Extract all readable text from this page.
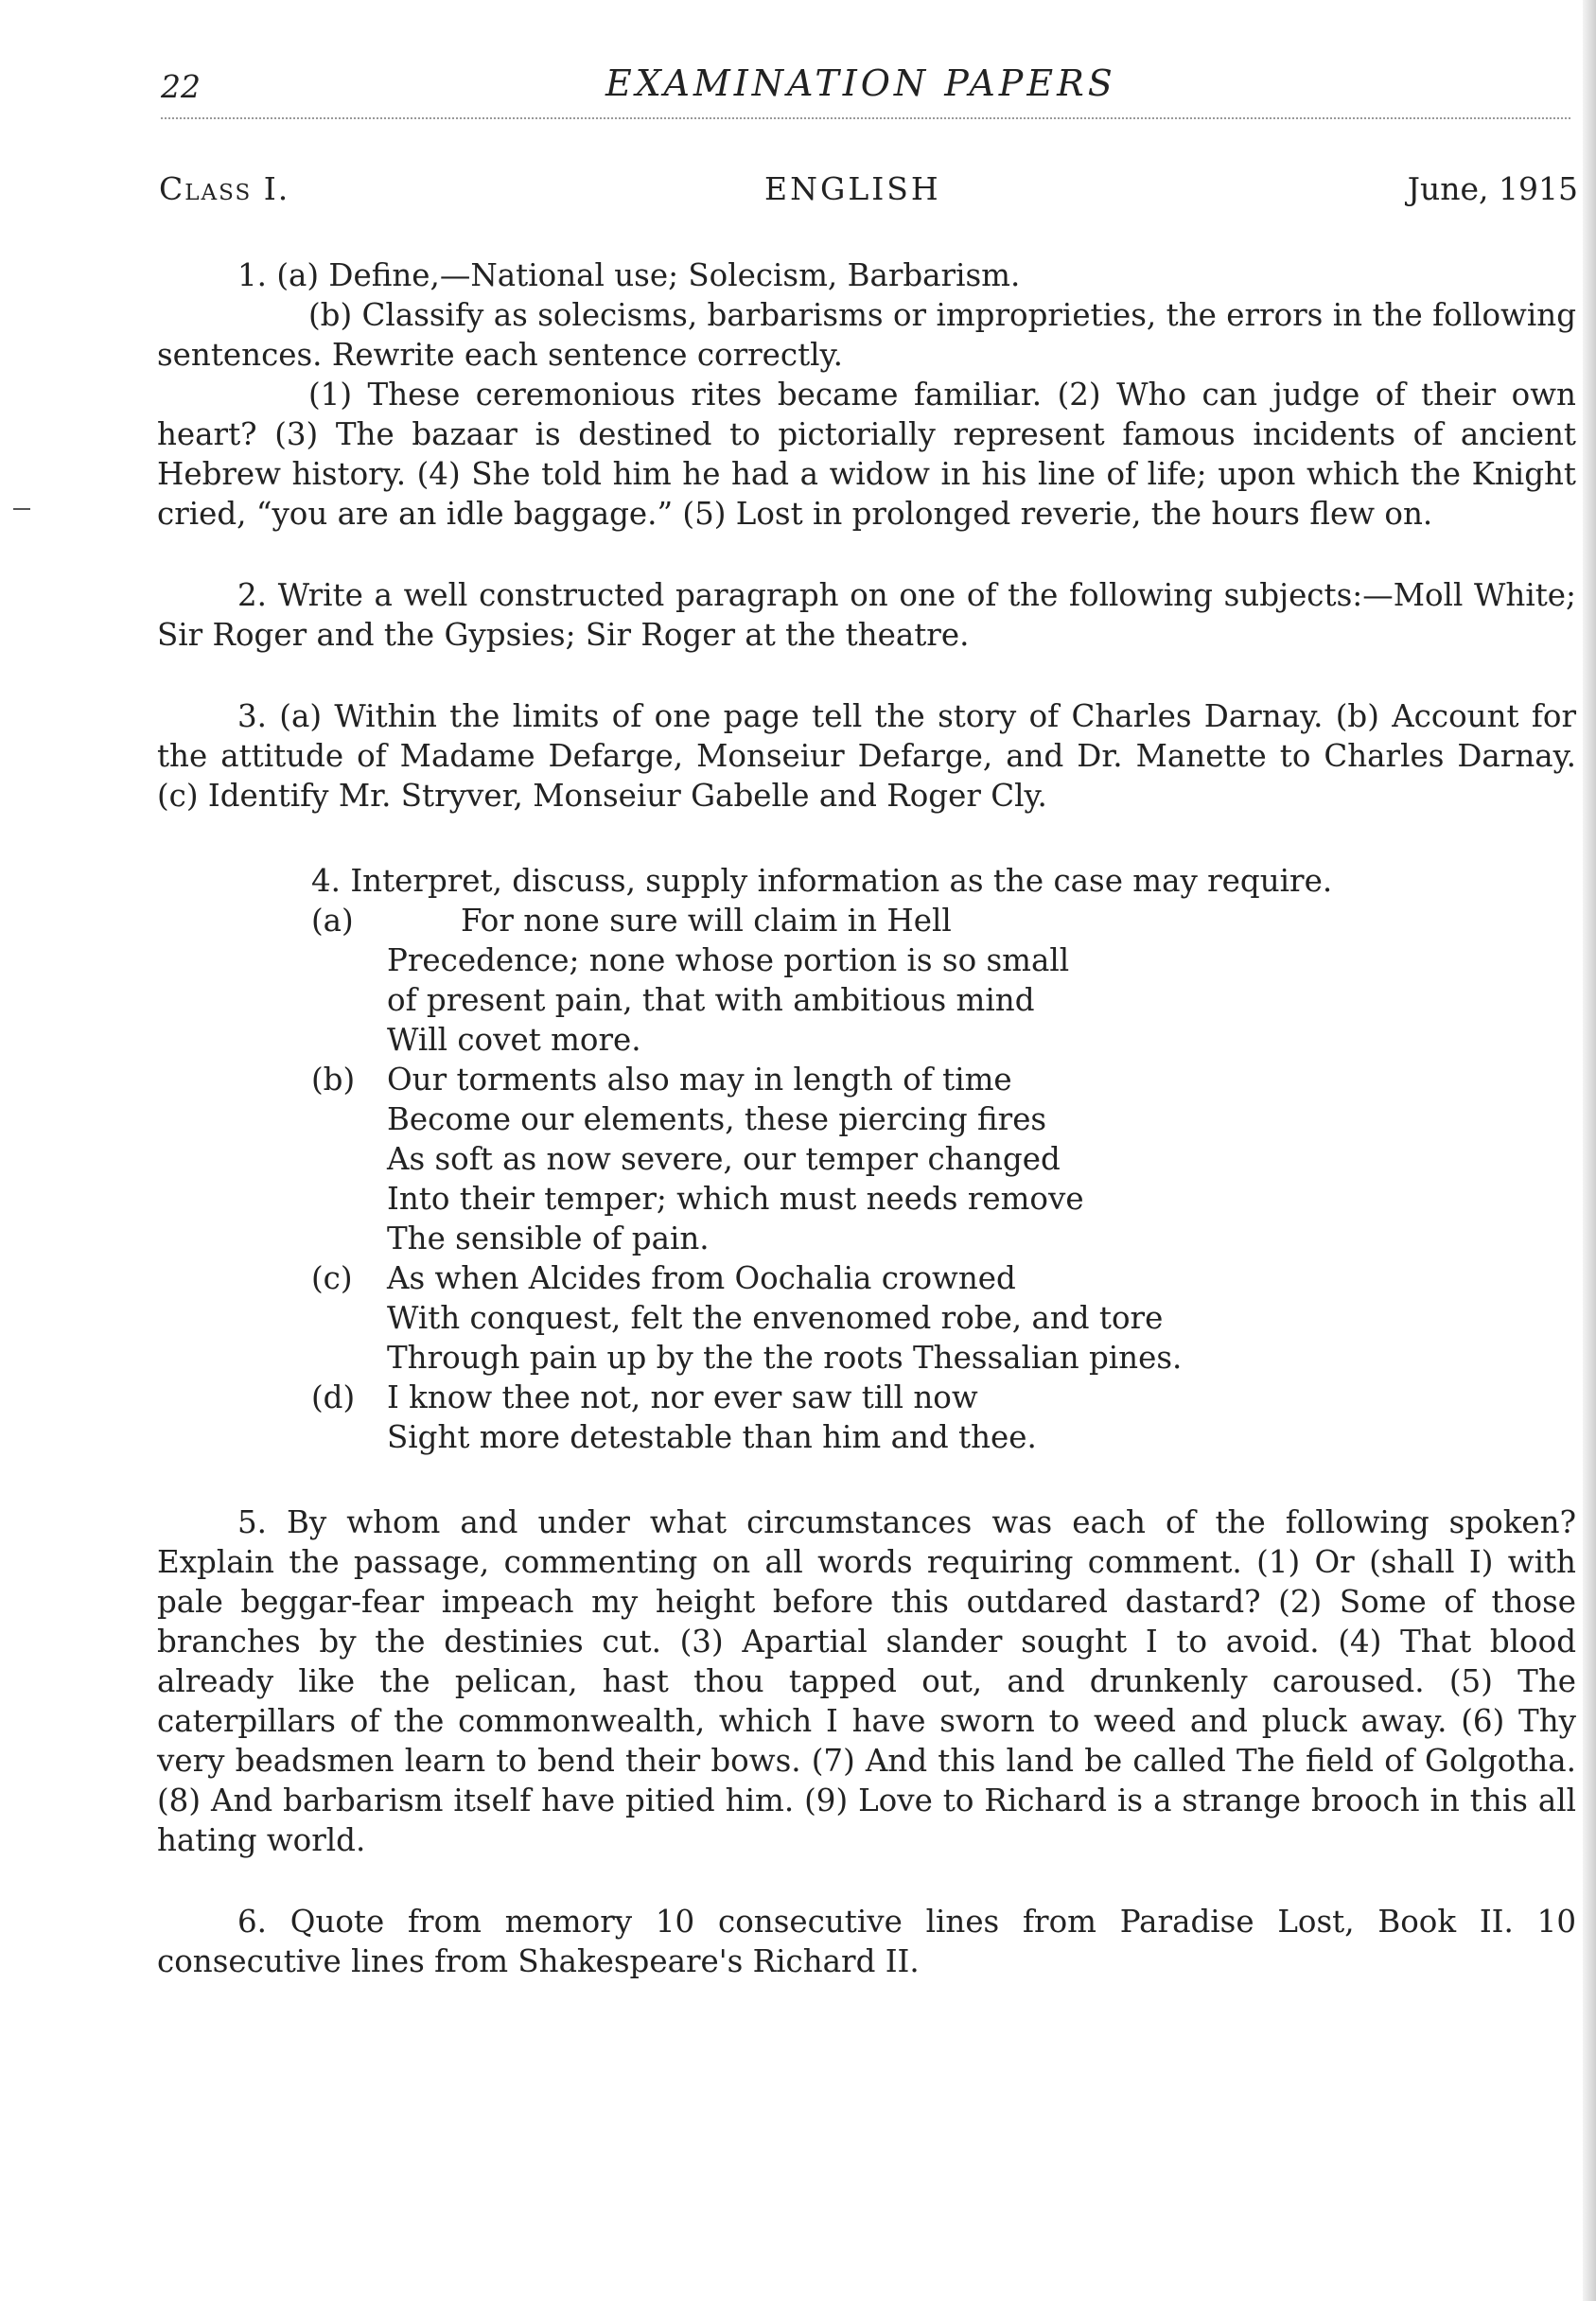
22	EXAMINATION PAPERS
Class I.	ENGLISH	June, 1915

1. (a) Define,—National use; Solecism, Barbarism.

(b) Classify as solecisms, barbarisms or improprieties, the errors in the following sentences. Rewrite each sentence correctly.

(1) These ceremonious rites became familiar. (2) Who can judge of their own heart? (3) The bazaar is destined to pictorially represent famous incidents of ancient Hebrew history. (4) She told him he had a widow in his line of life; upon which the Knight cried, “you are an idle baggage.” (5) Lost in prolonged reverie, the hours flew on.

2. Write a well constructed paragraph on one of the following subjects:—Moll White; Sir Roger and the Gypsies; Sir Roger at the theatre.

3. (a) Within the limits of one page tell the story of Charles Darnay. (b) Account for the attitude of Madame Defarge, Monseiur Defarge, and Dr. Manette to Charles Darnay. (c) Identify Mr. Stryver, Monseiur Gabelle and Roger Cly.

4. Interpret, discuss, supply information as the case may require.
(a)	For none sure will claim in Hell
Precedence; none whose portion is so small
of present pain, that with ambitious mind
Will covet more.
(b)	Our torments also may in length of time
Become our elements, these piercing fires
As soft as now severe, our temper changed
Into their temper; which must needs remove
The sensible of pain.
(c)	As when Alcides from Oochalia crowned
With conquest, felt the envenomed robe, and tore
Through pain up by the the roots Thessalian pines.
(d)	I know thee not, nor ever saw till now
Sight more detestable than him and thee.

5. By whom and under what circumstances was each of the following spoken? Explain the passage, commenting on all words requiring comment. (1) Or (shall I) with pale beggar-fear impeach my height before this outdared dastard? (2) Some of those branches by the destinies cut. (3) Apartial slander sought I to avoid. (4) That blood already like the pelican, hast thou tapped out, and drunkenly caroused. (5) The caterpillars of the commonwealth, which I have sworn to weed and pluck away. (6) Thy very beadsmen learn to bend their bows. (7) And this land be called The field of Golgotha. (8) And barbarism itself have pitied him. (9) Love to Richard is a strange brooch in this all hating world.

6. Quote from memory 10 consecutive lines from Paradise Lost, Book II. 10 consecutive lines from Shakespeare's Richard II.
